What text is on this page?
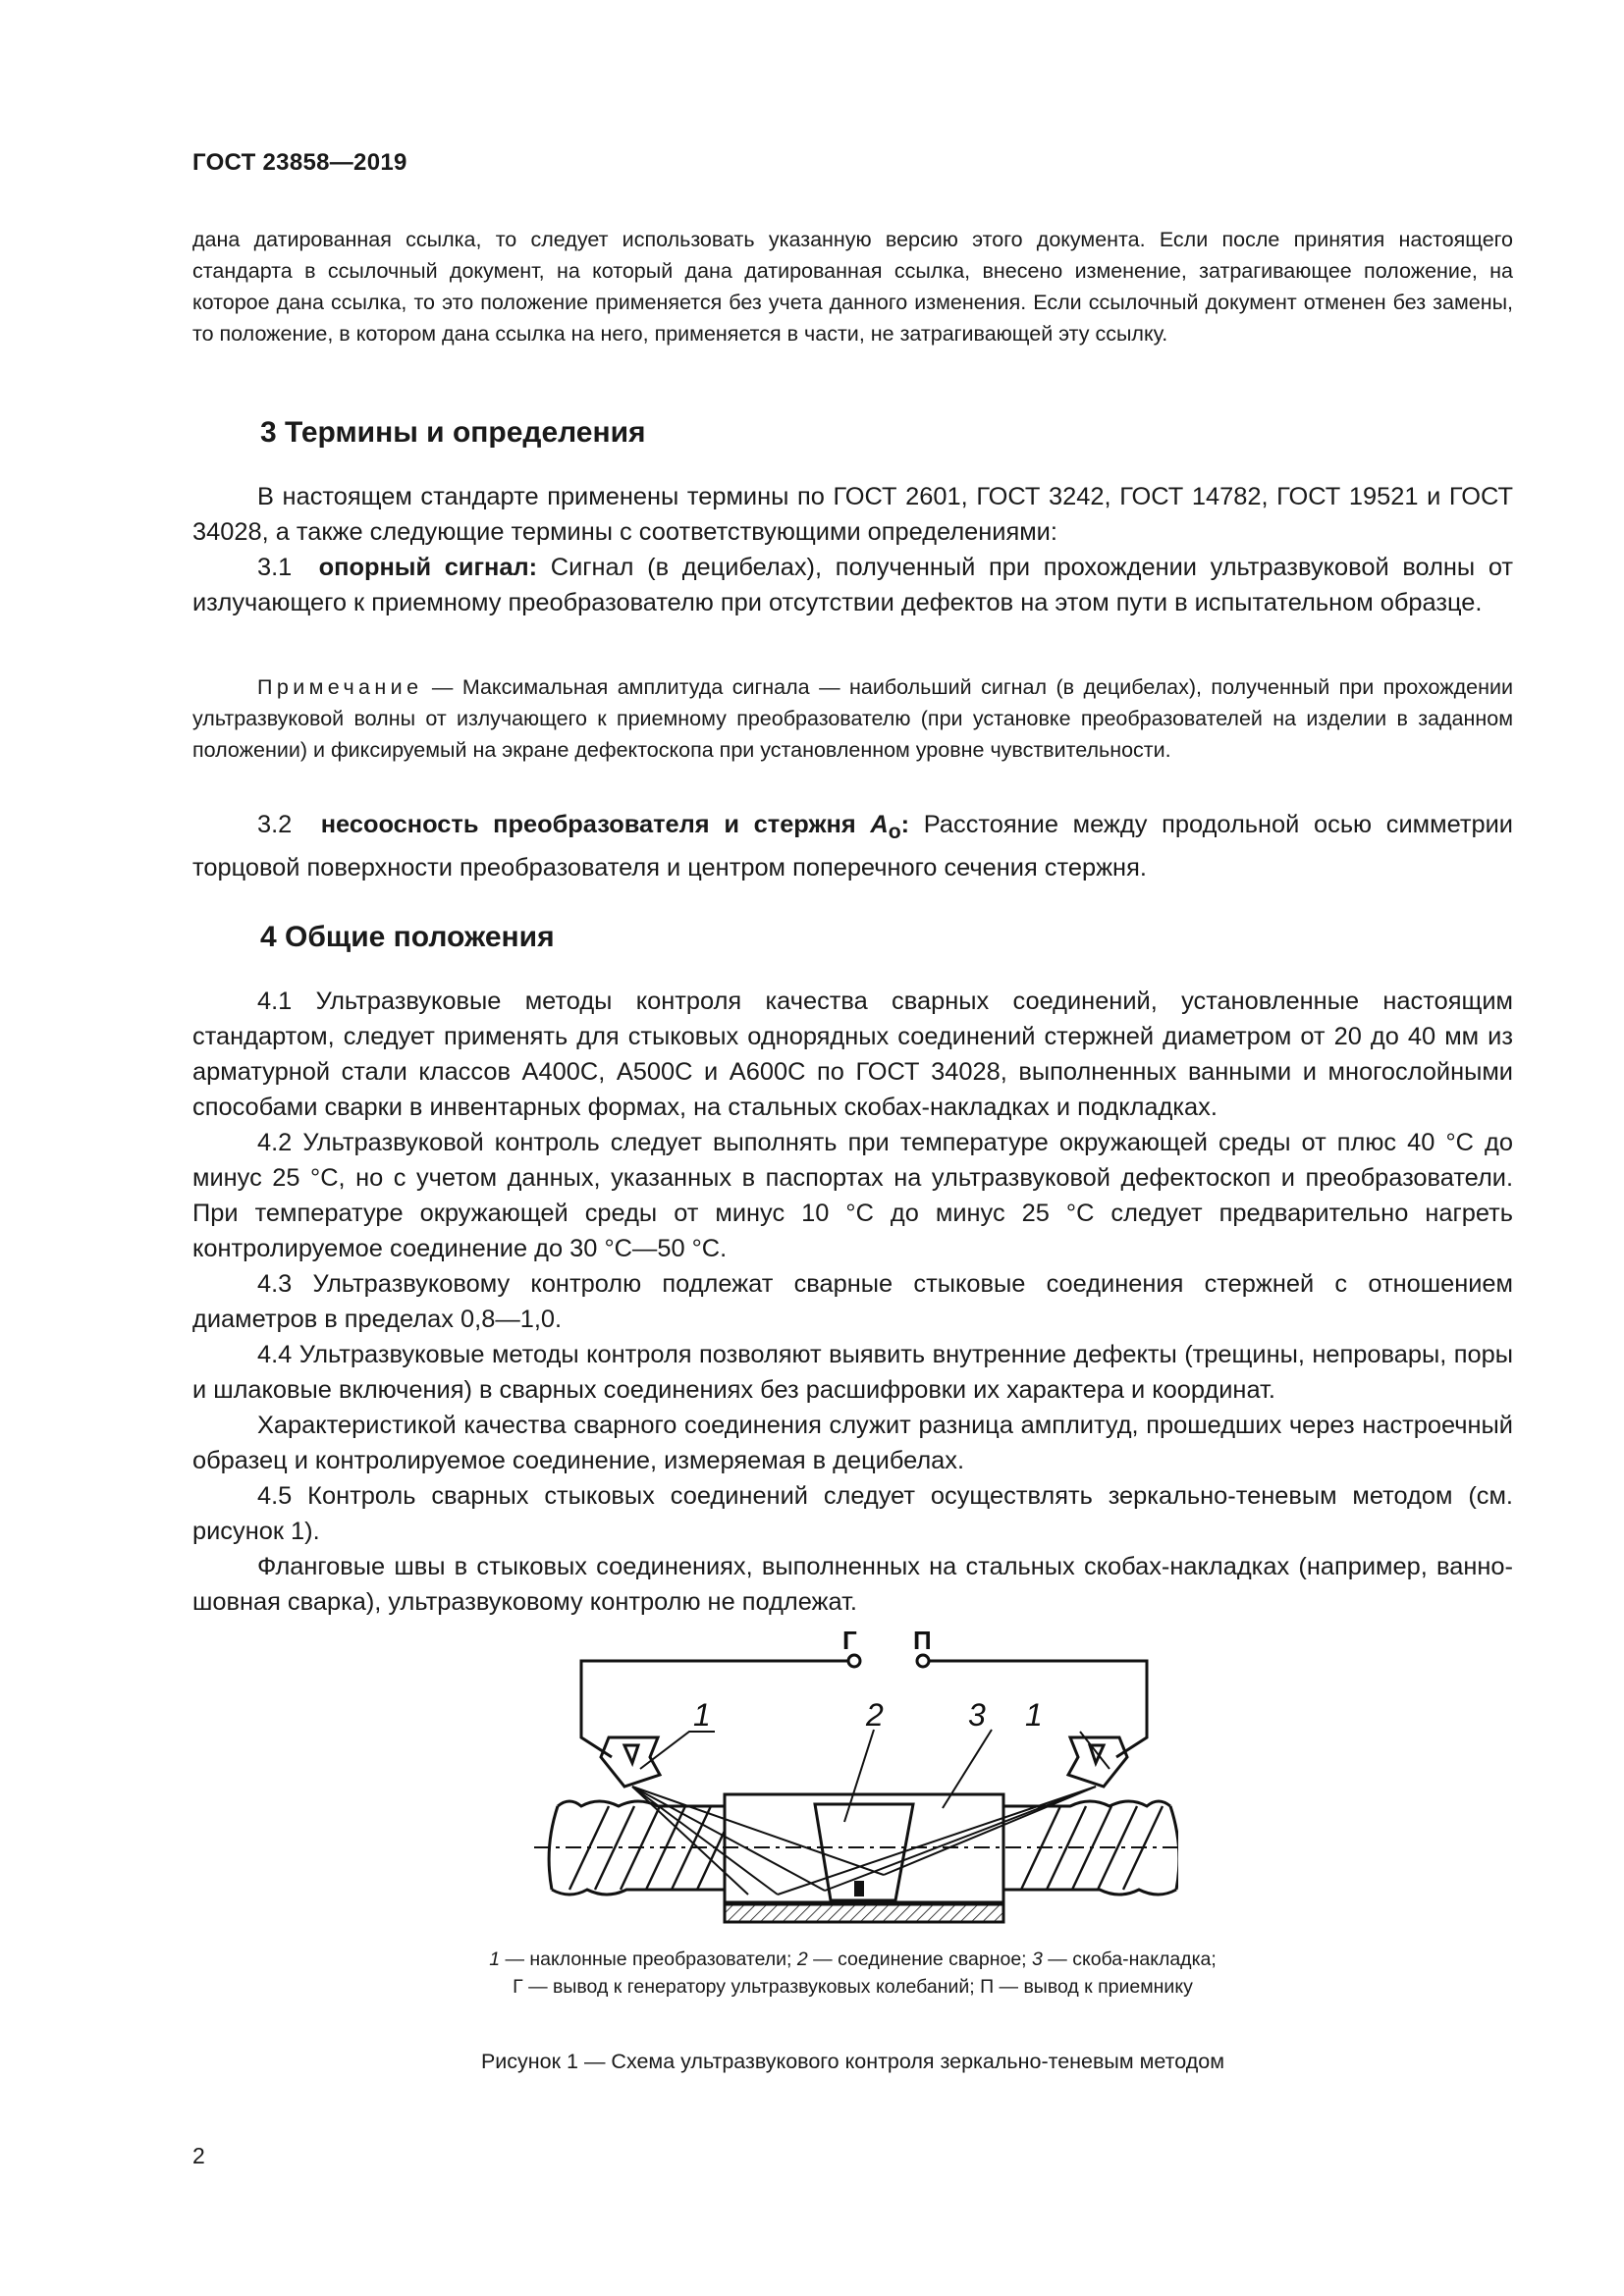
ГОСТ 23858—2019

дана датированная ссылка, то следует использовать указанную версию этого документа. Если после принятия настоящего стандарта в ссылочный документ, на который дана датированная ссылка, внесено изменение, затрагивающее положение, на которое дана ссылка, то это положение применяется без учета данного изменения. Если ссылочный документ отменен без замены, то положение, в котором дана ссылка на него, применяется в части, не затрагивающей эту ссылку.

3 Термины и определения

В настоящем стандарте применены термины по ГОСТ 2601, ГОСТ 3242, ГОСТ 14782, ГОСТ 19521 и ГОСТ 34028, а также следующие термины с соответствующими определениями:

3.1 опорный сигнал: Сигнал (в децибелах), полученный при прохождении ультразвуковой волны от излучающего к приемному преобразователю при отсутствии дефектов на этом пути в испытательном образце.

Примечание — Максимальная амплитуда сигнала — наибольший сигнал (в децибелах), полученный при прохождении ультразвуковой волны от излучающего к приемному преобразователю (при установке преобразователей на изделии в заданном положении) и фиксируемый на экране дефектоскопа при установленном уровне чувствительности.

3.2 несоосность преобразователя и стержня $A_o$: Расстояние между продольной осью симметрии торцовой поверхности преобразователя и центром поперечного сечения стержня.

4 Общие положения

4.1 Ультразвуковые методы контроля качества сварных соединений, установленные настоящим стандартом, следует применять для стыковых однорядных соединений стержней диаметром от 20 до 40 мм из арматурной стали классов А400С, А500С и А600С по ГОСТ 34028, выполненных ванными и многослойными способами сварки в инвентарных формах, на стальных скобах-накладках и подкладках.

4.2 Ультразвуковой контроль следует выполнять при температуре окружающей среды от плюс 40 °С до минус 25 °С, но с учетом данных, указанных в паспортах на ультразвуковой дефектоскоп и преобразователи. При температуре окружающей среды от минус 10 °С до минус 25 °С следует предварительно нагреть контролируемое соединение до 30 °С—50 °С.

4.3 Ультразвуковому контролю подлежат сварные стыковые соединения стержней с отношением диаметров в пределах 0,8—1,0.

4.4 Ультразвуковые методы контроля позволяют выявить внутренние дефекты (трещины, непровары, поры и шлаковые включения) в сварных соединениях без расшифровки их характера и координат.

Характеристикой качества сварного соединения служит разница амплитуд, прошедших через настроечный образец и контролируемое соединение, измеряемая в децибелах.

4.5 Контроль сварных стыковых соединений следует осуществлять зеркально-теневым методом (см. рисунок 1).

Фланговые швы в стыковых соединениях, выполненных на стальных скобах-накладках (например, ванно-шовная сварка), ультразвуковому контролю не подлежат.

Г П
1	2	3 1
1 — наклонные преобразователи; 2 — соединение сварное; 3 — скоба-накладка;
Г — вывод к генератору ультразвуковых колебаний; П — вывод к приемнику
Рисунок 1 — Схема ультразвукового контроля зеркально-теневым методом
2
